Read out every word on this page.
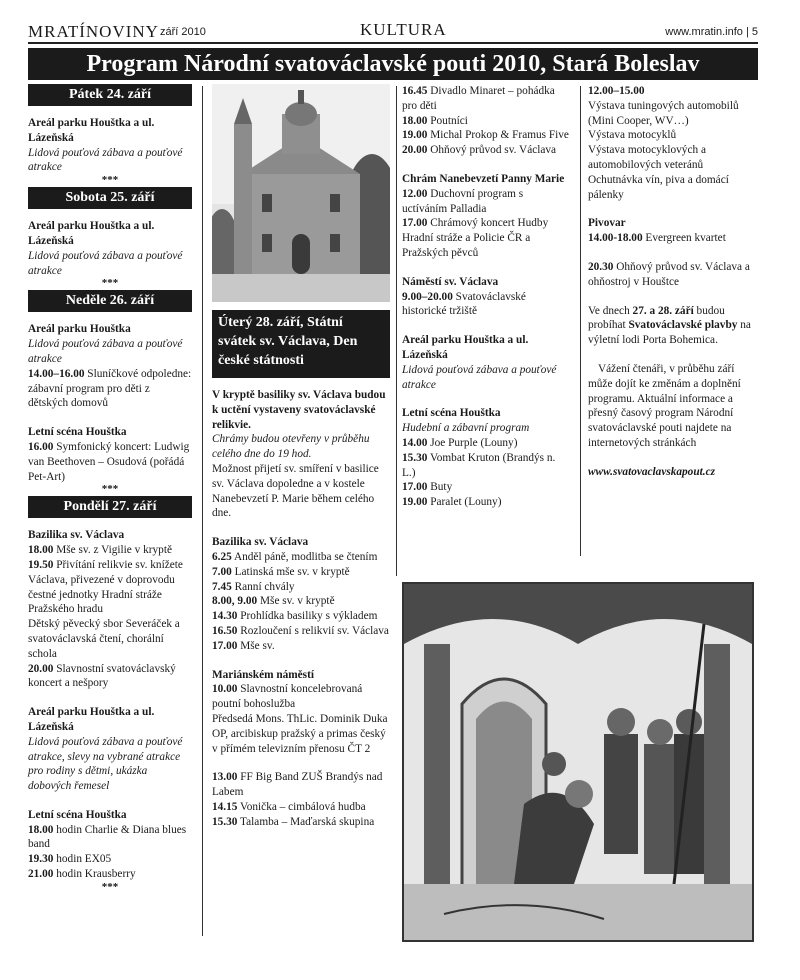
MRATÍNOVINY září 2010	KULTURA	www.mratin.info | 5
Program Národní svatováclavské pouti 2010, Stará Boleslav
Pátek 24. září

Areál parku Houštka a ul. Lázeňská

Lidová pouťová zábava a pouťové atrakce

***

Sobota 25. září

Areál parku Houštka a ul. Lázeňská

Lidová pouťová zábava a pouťové atrakce

***

Neděle 26. září

Areál parku Houštka

Lidová pouťová zábava a pouťové atrakce

14.00–16.00 Sluníčkové odpoledne: zábavní program pro děti z dětských domovů

Letní scéna Houštka

16.00 Symfonický koncert: Ludwig van Beethoven – Osudová (pořádá Pet-Art)

***

Pondělí 27. září

Bazilika sv. Václava

18.00 Mše sv. z Vigilie v kryptě

19.50 Přivítání relikvie sv. knížete Václava, přivezené v doprovodu čestné jednotky Hradní stráže Pražského hradu

Dětský pěvecký sbor Severáček a svatováclavská čtení, chorální schola

20.00 Slavnostní svatováclavský koncert a nešpory

Areál parku Houštka a ul. Lázeňská

Lidová pouťová zábava a pouťové atrakce, slevy na vybrané atrakce pro rodiny s dětmi, ukázka dobových řemesel

Letní scéna Houštka

18.00 hodin Charlie & Diana blues band

19.30 hodin EX05

21.00 hodin Krausberry

***

Úterý 28. září, Státní svátek sv. Václava, Den české státnosti

V kryptě basiliky sv. Václava budou k uctění vystaveny svatováclavské relikvie.

Chrámy budou otevřeny v průběhu celého dne do 19 hod.

Možnost přijetí sv. smíření v basilice sv. Václava dopoledne a v kostele Nanebevzetí P. Marie během celého dne.

Bazilika sv. Václava

6.25 Anděl páně, modlitba se čtením

7.00 Latinská mše sv. v kryptě

7.45 Ranní chvály

8.00, 9.00 Mše sv. v kryptě

14.30 Prohlídka basiliky s výkladem

16.50 Rozloučení s relikvií sv. Václava

17.00 Mše sv.

Mariánském náměstí

10.00 Slavnostní koncelebrovaná poutní bohoslužba

Předsedá Mons. ThLic. Dominik Duka OP, arcibiskup pražský a primas český v přímém televizním přenosu ČT 2

13.00 FF Big Band ZUŠ Brandýs nad Labem

14.15 Vonička – cimbálová hudba

15.30 Talamba – Maďarská skupina

16.45 Divadlo Minaret – pohádka pro děti

18.00 Poutníci

19.00 Michal Prokop & Framus Five

20.00 Ohňový průvod sv. Václava

Chrám Nanebevzetí Panny Marie

12.00 Duchovní program s uctíváním Palladia

17.00 Chrámový koncert Hudby Hradní stráže a Policie ČR a Pražských pěvců

Náměstí sv. Václava

9.00–20.00 Svatováclavské historické tržiště

Areál parku Houštka a ul. Lázeňská

Lidová pouťová zábava a pouťové atrakce

Letní scéna Houštka

Hudební a zábavní program

14.00 Joe Purple (Louny)

15.30 Vombat Kruton (Brandýs n. L.)

17.00 Buty

19.00 Paralet (Louny)

12.00–15.00

Výstava tuningových automobilů (Mini Cooper, WV…)

Výstava motocyklů

Výstava motocyklových a automobilových veteránů

Ochutnávka vín, piva a domácí pálenky

Pivovar

14.00-18.00 Evergreen kvartet

20.30 Ohňový průvod sv. Václava a ohňostroj v Houštce

Ve dnech 27. a 28. září budou probíhat Svatováclavské plavby na výletní lodi Porta Bohemica.

Vážení čtenáři, v průběhu září může dojít ke změnám a doplnění programu. Aktuální informace a přesný časový program Národní svatováclavské pouti najdete na internetových stránkách

www.svatovaclavskapout.cz
